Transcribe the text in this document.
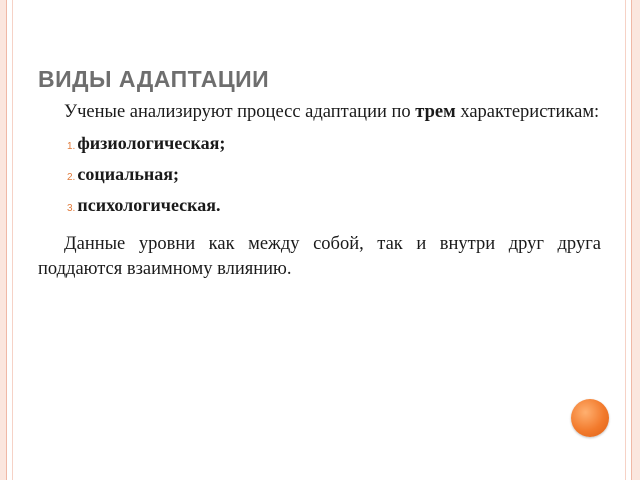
ВИДЫ АДАПТАЦИИ

Ученые анализируют процесс адаптации по трем характеристикам:

1. физиологическая;
2. социальная;
3. психологическая.

Данные уровни как между собой, так и внутри друг друга поддаются взаимному влиянию.
